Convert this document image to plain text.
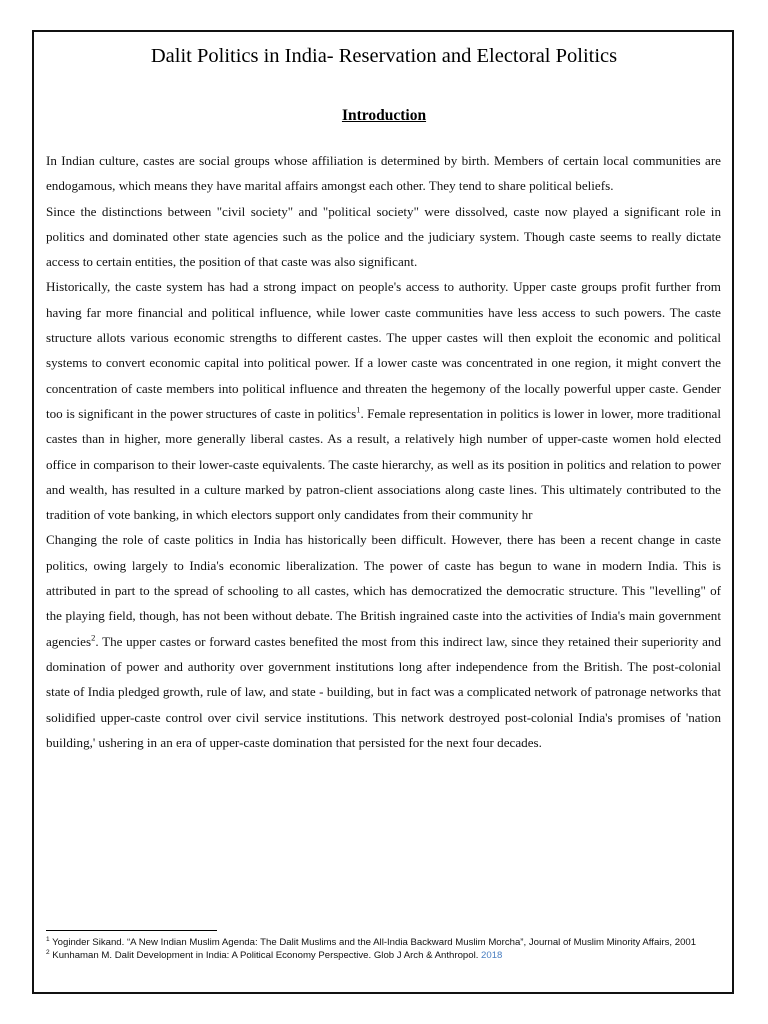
Dalit Politics in India- Reservation and Electoral Politics
Introduction

In Indian culture, castes are social groups whose affiliation is determined by birth. Members of certain local communities are endogamous, which means they have marital affairs amongst each other. They tend to share political beliefs.

Since the distinctions between "civil society" and "political society" were dissolved, caste now played a significant role in politics and dominated other state agencies such as the police and the judiciary system. Though caste seems to really dictate access to certain entities, the position of that caste was also significant.

Historically, the caste system has had a strong impact on people's access to authority. Upper caste groups profit further from having far more financial and political influence, while lower caste communities have less access to such powers. The caste structure allots various economic strengths to different castes. The upper castes will then exploit the economic and political systems to convert economic capital into political power. If a lower caste was concentrated in one region, it might convert the concentration of caste members into political influence and threaten the hegemony of the locally powerful upper caste. Gender too is significant in the power structures of caste in politics$^1$. Female representation in politics is lower in lower, more traditional castes than in higher, more generally liberal castes. As a result, a relatively high number of upper-caste women hold elected office in comparison to their lower-caste equivalents. The caste hierarchy, as well as its position in politics and relation to power and wealth, has resulted in a culture marked by patron-client associations along caste lines. This ultimately contributed to the tradition of vote banking, in which electors support only candidates from their community hr

Changing the role of caste politics in India has historically been difficult. However, there has been a recent change in caste politics, owing largely to India's economic liberalization. The power of caste has begun to wane in modern India. This is attributed in part to the spread of schooling to all castes, which has democratized the democratic structure. This "levelling" of the playing field, though, has not been without debate. The British ingrained caste into the activities of India's main government agencies$^2$. The upper castes or forward castes benefited the most from this indirect law, since they retained their superiority and domination of power and authority over government institutions long after independence from the British. The post-colonial state of India pledged growth, rule of law, and state - building, but in fact was a complicated network of patronage networks that solidified upper-caste control over civil service institutions. This network destroyed post-colonial India's promises of 'nation building,' ushering in an era of upper-caste domination that persisted for the next four decades.

$^1$ Yoginder Sikand. “A New Indian Muslim Agenda: The Dalit Muslims and the All-India Backward Muslim Morcha”, Journal of Muslim Minority Affairs, 2001

$^2$ Kunhaman M. Dalit Development in India: A Political Economy Perspective. Glob J Arch & Anthropol. 2018
